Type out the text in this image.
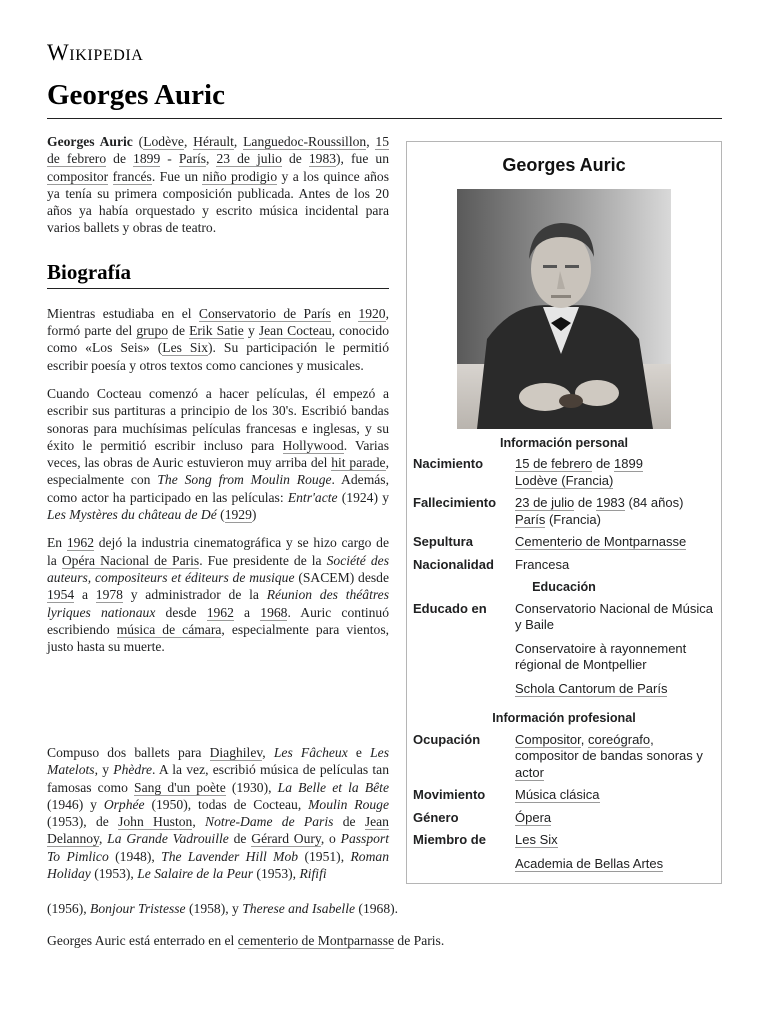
Wikipedia
Georges Auric

Georges Auric (Lodève, Hérault, Languedoc-Roussillon, 15 de febrero de 1899 - París, 23 de julio de 1983), fue un compositor francés. Fue un niño prodigio y a los quince años ya tenía su primera composición publicada. Antes de los 20 años ya había orquestado y escrito música incidental para varios ballets y obras de teatro.

Biografía

Mientras estudiaba en el Conservatorio de París en 1920, formó parte del grupo de Erik Satie y Jean Cocteau, conocido como «Los Seis» (Les Six). Su participación le permitió escribir poesía y otros textos como canciones y musicales.

Cuando Cocteau comenzó a hacer películas, él empezó a escribir sus partituras a principio de los 30's. Escribió bandas sonoras para muchísimas películas francesas e inglesas, y su éxito le permitió escribir incluso para Hollywood. Varias veces, las obras de Auric estuvieron muy arriba del hit parade, especialmente con The Song from Moulin Rouge. Además, como actor ha participado en las películas: Entr'acte (1924) y Les Mystères du château de Dé (1929)

En 1962 dejó la industria cinematográfica y se hizo cargo de la Opéra Nacional de Paris. Fue presidente de la Société des auteurs, compositeurs et éditeurs de musique (SACEM) desde 1954 a 1978 y administrador de la Réunion des théâtres lyriques nationaux desde 1962 a 1968. Auric continuó escribiendo música de cámara, especialmente para vientos, justo hasta su muerte.

Compuso dos ballets para Diaghilev, Les Fâcheux e Les Matelots, y Phèdre. A la vez, escribió música de películas tan famosas como Sang d'un poète (1930), La Belle et la Bête (1946) y Orphée (1950), todas de Cocteau, Moulin Rouge (1953), de John Huston, Notre-Dame de Paris de Jean Delannoy, La Grande Vadrouille de Gérard Oury, o Passport To Pimlico (1948), The Lavender Hill Mob (1951), Roman Holiday (1953), Le Salaire de la Peur (1953), Rififi

(1956), Bonjour Tristesse (1958), y Therese and Isabelle (1968).

Georges Auric está enterrado en el cementerio de Montparnasse de Paris.

Georges Auric
Información personal
Nacimiento	15 de febrero de 1899
Lodève (Francia)
Fallecimiento	23 de julio de 1983 (84 años)
París (Francia)
Sepultura	Cementerio de Montparnasse
Nacionalidad	Francesa
Educación
Educado en	Conservatorio Nacional de Música y Baile
Conservatoire à rayonnement régional de Montpellier
Schola Cantorum de París
Información profesional
Ocupación	Compositor, coreógrafo, compositor de bandas sonoras y actor
Movimiento	Música clásica
Género	Ópera
Miembro de	Les Six
Academia de Bellas Artes
